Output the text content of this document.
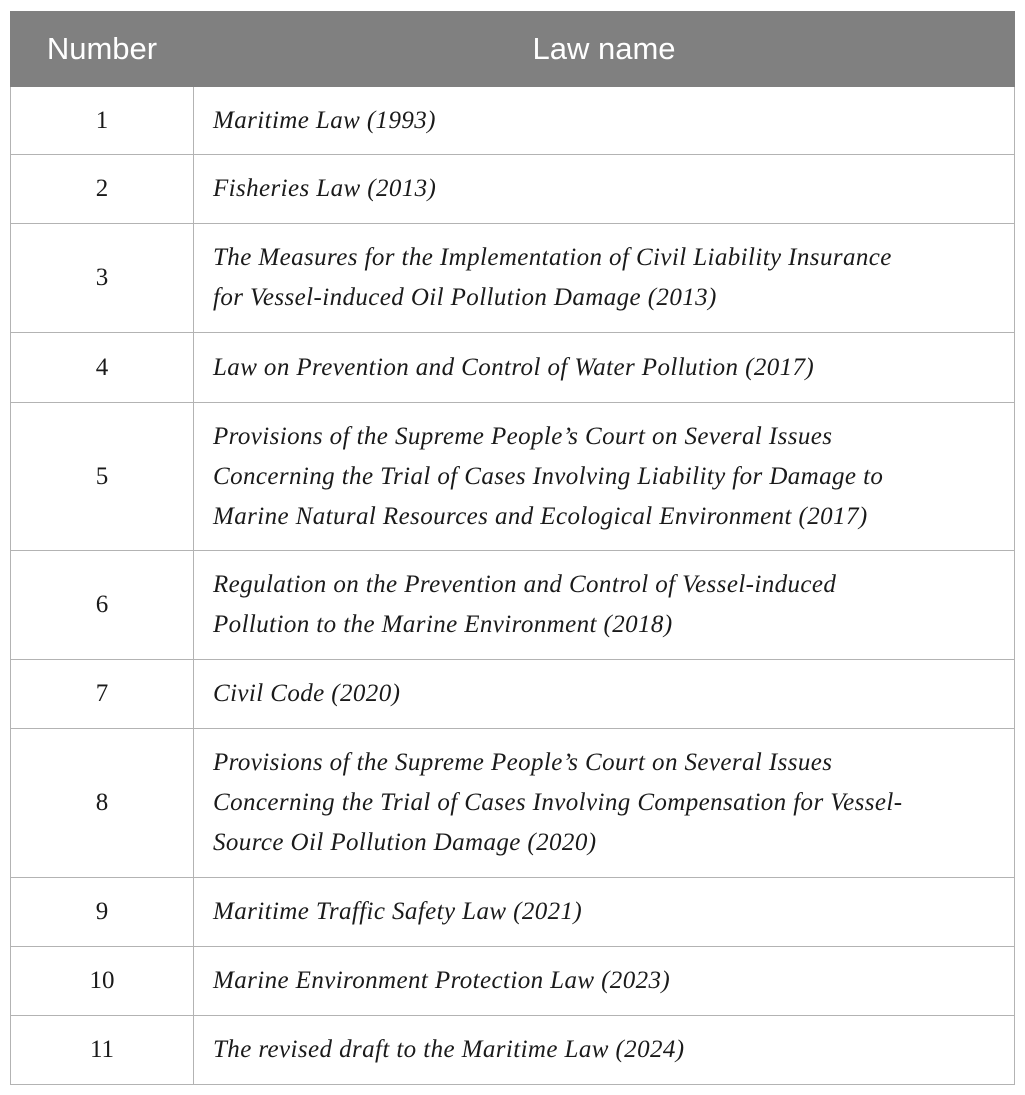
Number	Law name
1	Maritime Law (1993)

2	Fisheries Law (2013)

3	The Measures for the Implementation of Civil Liability Insurance
for Vessel-induced Oil Pollution Damage (2013)

4	Law on Prevention and Control of Water Pollution (2017)

5	Provisions of the Supreme People’s Court on Several Issues
Concerning the Trial of Cases Involving Liability for Damage to
Marine Natural Resources and Ecological Environment (2017)

6	Regulation on the Prevention and Control of Vessel-induced
Pollution to the Marine Environment (2018)

7	Civil Code (2020)

8	Provisions of the Supreme People’s Court on Several Issues
Concerning the Trial of Cases Involving Compensation for Vessel-
Source Oil Pollution Damage (2020)

9	Maritime Traffic Safety Law (2021)

10	Marine Environment Protection Law (2023)

11	The revised draft to the Maritime Law (2024)
